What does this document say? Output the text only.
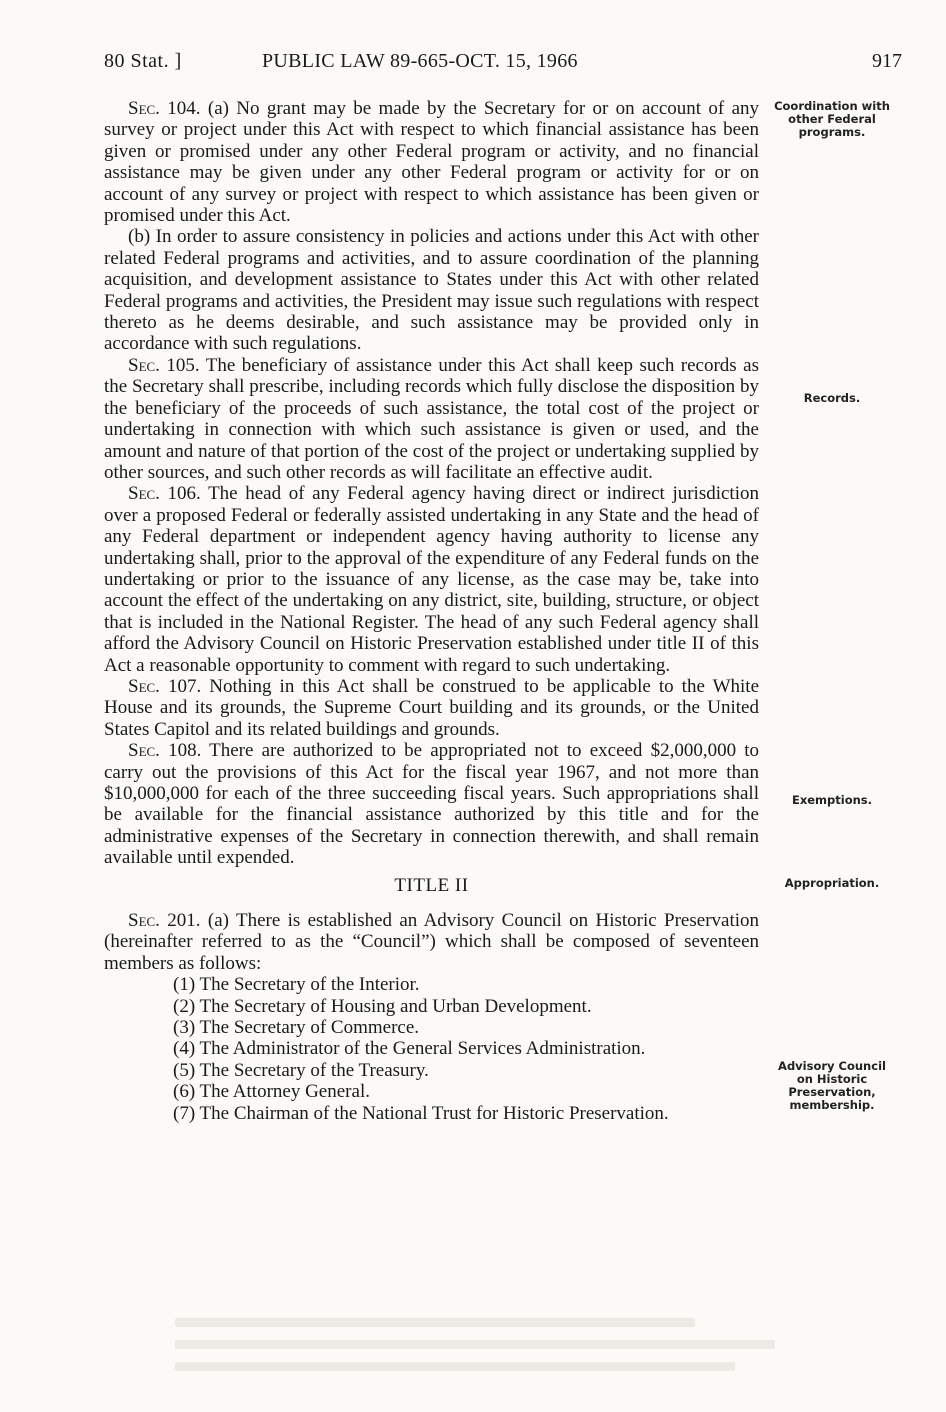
80 Stat. ]	PUBLIC LAW 89-665-OCT. 15, 1966	917

Sec. 104. (a) No grant may be made by the Secretary for or on account of any survey or project under this Act with respect to which financial assistance has been given or promised under any other Federal program or activity, and no financial assistance may be given under any other Federal program or activity for or on account of any survey or project with respect to which assistance has been given or promised under this Act.

(b) In order to assure consistency in policies and actions under this Act with other related Federal programs and activities, and to assure coordination of the planning acquisition, and development assistance to States under this Act with other related Federal programs and activities, the President may issue such regulations with respect thereto as he deems desirable, and such assistance may be provided only in accordance with such regulations.

Sec. 105. The beneficiary of assistance under this Act shall keep such records as the Secretary shall prescribe, including records which fully disclose the disposition by the beneficiary of the proceeds of such assistance, the total cost of the project or undertaking in connection with which such assistance is given or used, and the amount and nature of that portion of the cost of the project or undertaking supplied by other sources, and such other records as will facilitate an effective audit.

Sec. 106. The head of any Federal agency having direct or indirect jurisdiction over a proposed Federal or federally assisted undertaking in any State and the head of any Federal department or independent agency having authority to license any undertaking shall, prior to the approval of the expenditure of any Federal funds on the undertaking or prior to the issuance of any license, as the case may be, take into account the effect of the undertaking on any district, site, building, structure, or object that is included in the National Register. The head of any such Federal agency shall afford the Advisory Council on Historic Preservation established under title II of this Act a reasonable opportunity to comment with regard to such undertaking.

Sec. 107. Nothing in this Act shall be construed to be applicable to the White House and its grounds, the Supreme Court building and its grounds, or the United States Capitol and its related buildings and grounds.

Sec. 108. There are authorized to be appropriated not to exceed $2,000,000 to carry out the provisions of this Act for the fiscal year 1967, and not more than $10,000,000 for each of the three succeeding fiscal years. Such appropriations shall be available for the financial assistance authorized by this title and for the administrative expenses of the Secretary in connection therewith, and shall remain available until expended.

TITLE II

Sec. 201. (a) There is established an Advisory Council on Historic Preservation (hereinafter referred to as the “Council”) which shall be composed of seventeen members as follows:

(1) The Secretary of the Interior.
(2) The Secretary of Housing and Urban Development.
(3) The Secretary of Commerce.
(4) The Administrator of the General Services Administration.
(5) The Secretary of the Treasury.
(6) The Attorney General.
(7) The Chairman of the National Trust for Historic Preservation.
Coordination with other Federal programs.
Records.
Exemptions.
Appropriation.
Advisory Council on Historic Preservation, membership.
